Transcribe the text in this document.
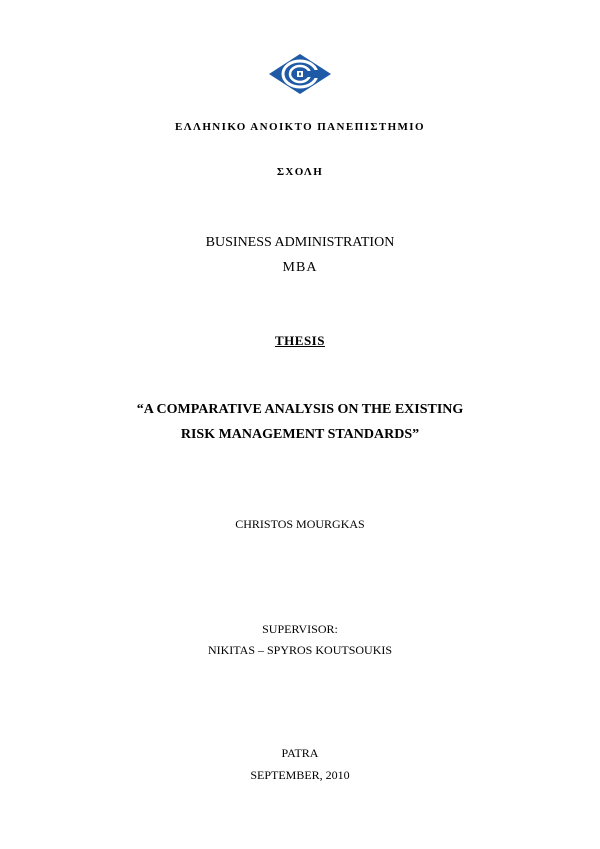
ΕΛΛΗΝΙΚΟ ΑΝΟΙΚΤΟ ΠΑΝΕΠΙΣΤΗΜΙΟ
ΣΧΟΛΗ
BUSINESS ADMINISTRATION
MBA
THESIS
“A COMPARATIVE ANALYSIS ON THE EXISTING
RISK MANAGEMENT STANDARDS”
CHRISTOS MOURGKAS
SUPERVISOR:
NIKITAS – SPYROS KOUTSOUKIS
PATRA
SEPTEMBER, 2010
